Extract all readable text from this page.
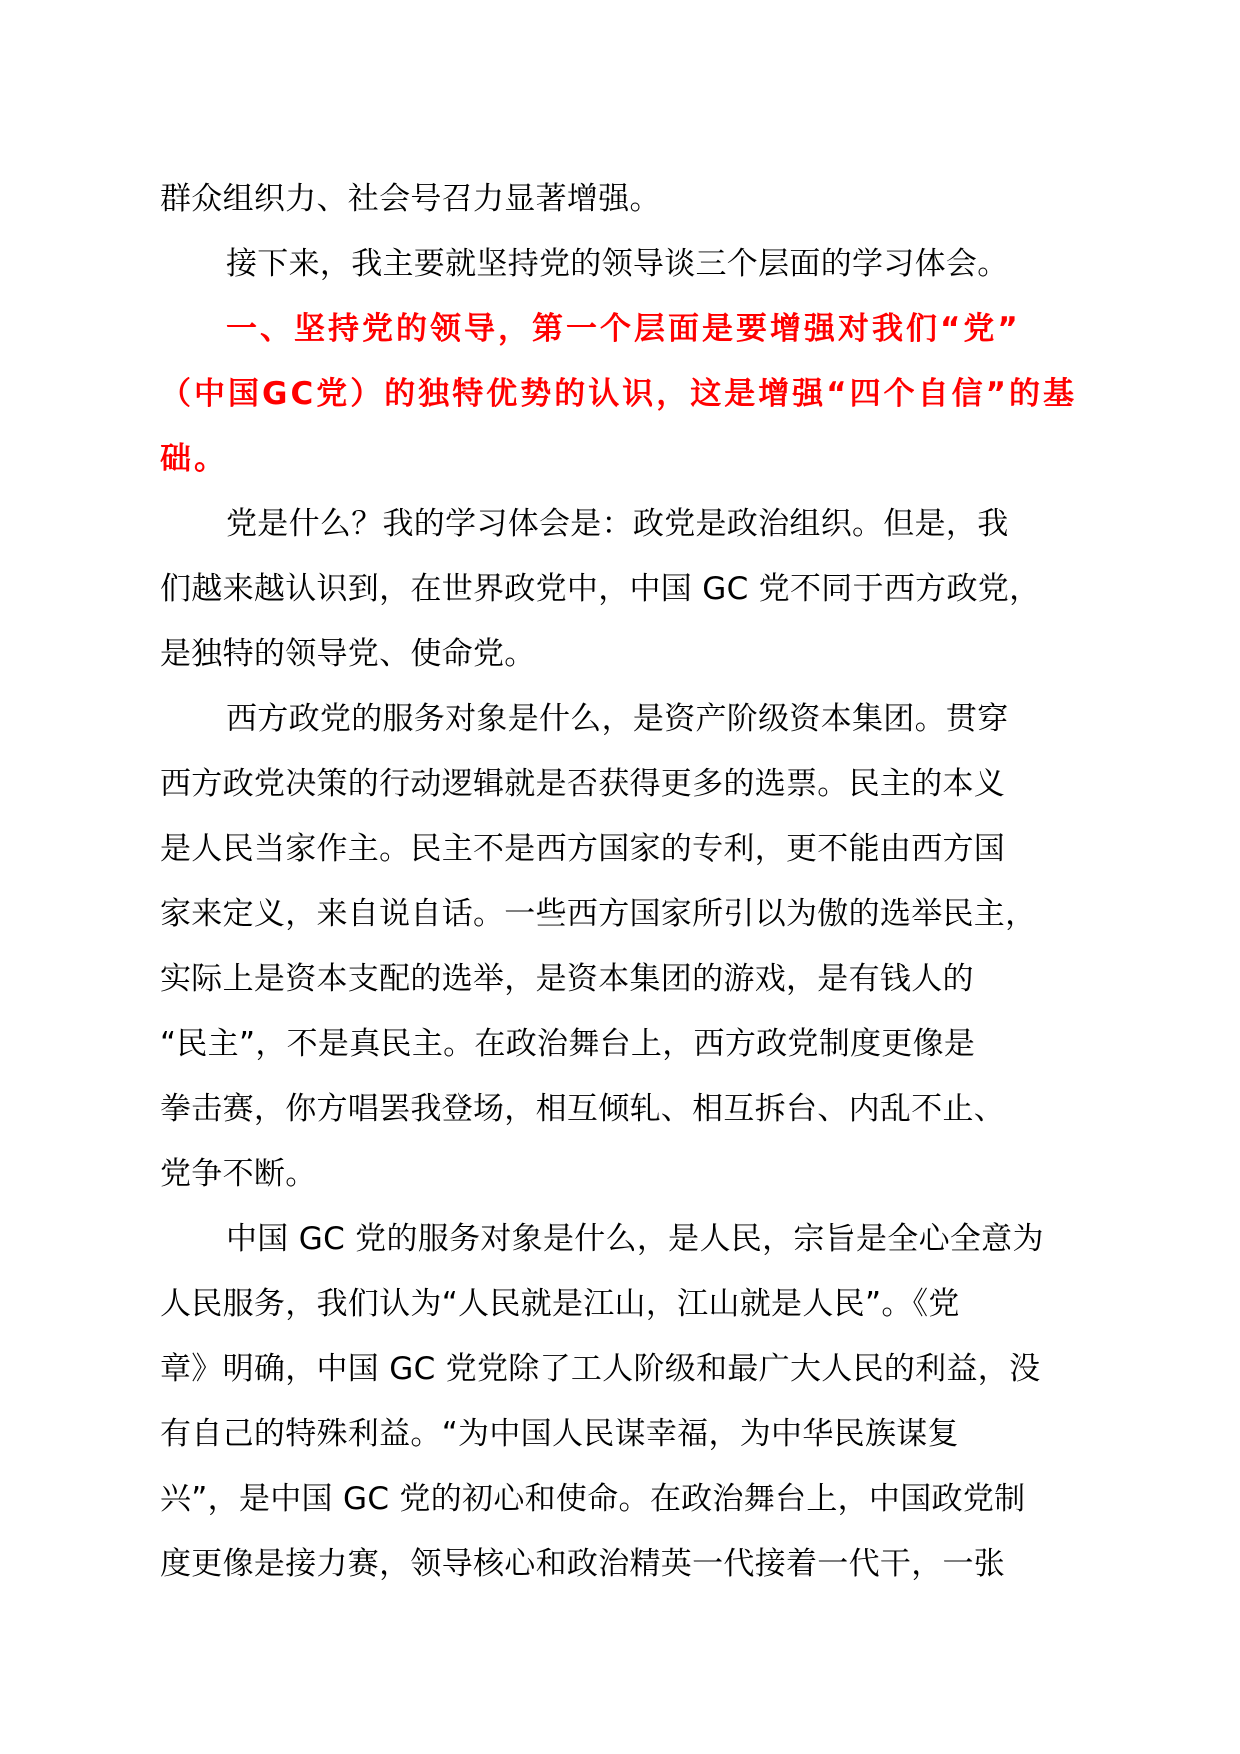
群众组织力、社会号召力显著增强。
接下来，我主要就坚持党的领导谈三个层面的学习体会。
一、坚持党的领导，第一个层面是要增强对我们“党”
（中国GC党）的独特优势的认识，这是增强“四个自信”的基
础。
党是什么？我的学习体会是：政党是政治组织。但是，我
们越来越认识到，在世界政党中，中国 GC 党不同于西方政党，
是独特的领导党、使命党。
西方政党的服务对象是什么，是资产阶级资本集团。贯穿
西方政党决策的行动逻辑就是否获得更多的选票。民主的本义
是人民当家作主。民主不是西方国家的专利，更不能由西方国
家来定义，来自说自话。一些西方国家所引以为傲的选举民主，
实际上是资本支配的选举，是资本集团的游戏，是有钱人的
“民主”，不是真民主。在政治舞台上，西方政党制度更像是
拳击赛，你方唱罢我登场，相互倾轧、相互拆台、内乱不止、
党争不断。
中国 GC 党的服务对象是什么，是人民，宗旨是全心全意为
人民服务，我们认为“人民就是江山，江山就是人民”。《党
章》明确，中国 GC 党党除了工人阶级和最广大人民的利益，没
有自己的特殊利益。“为中国人民谋幸福，为中华民族谋复
兴”，是中国 GC 党的初心和使命。在政治舞台上，中国政党制
度更像是接力赛，领导核心和政治精英一代接着一代干，一张
